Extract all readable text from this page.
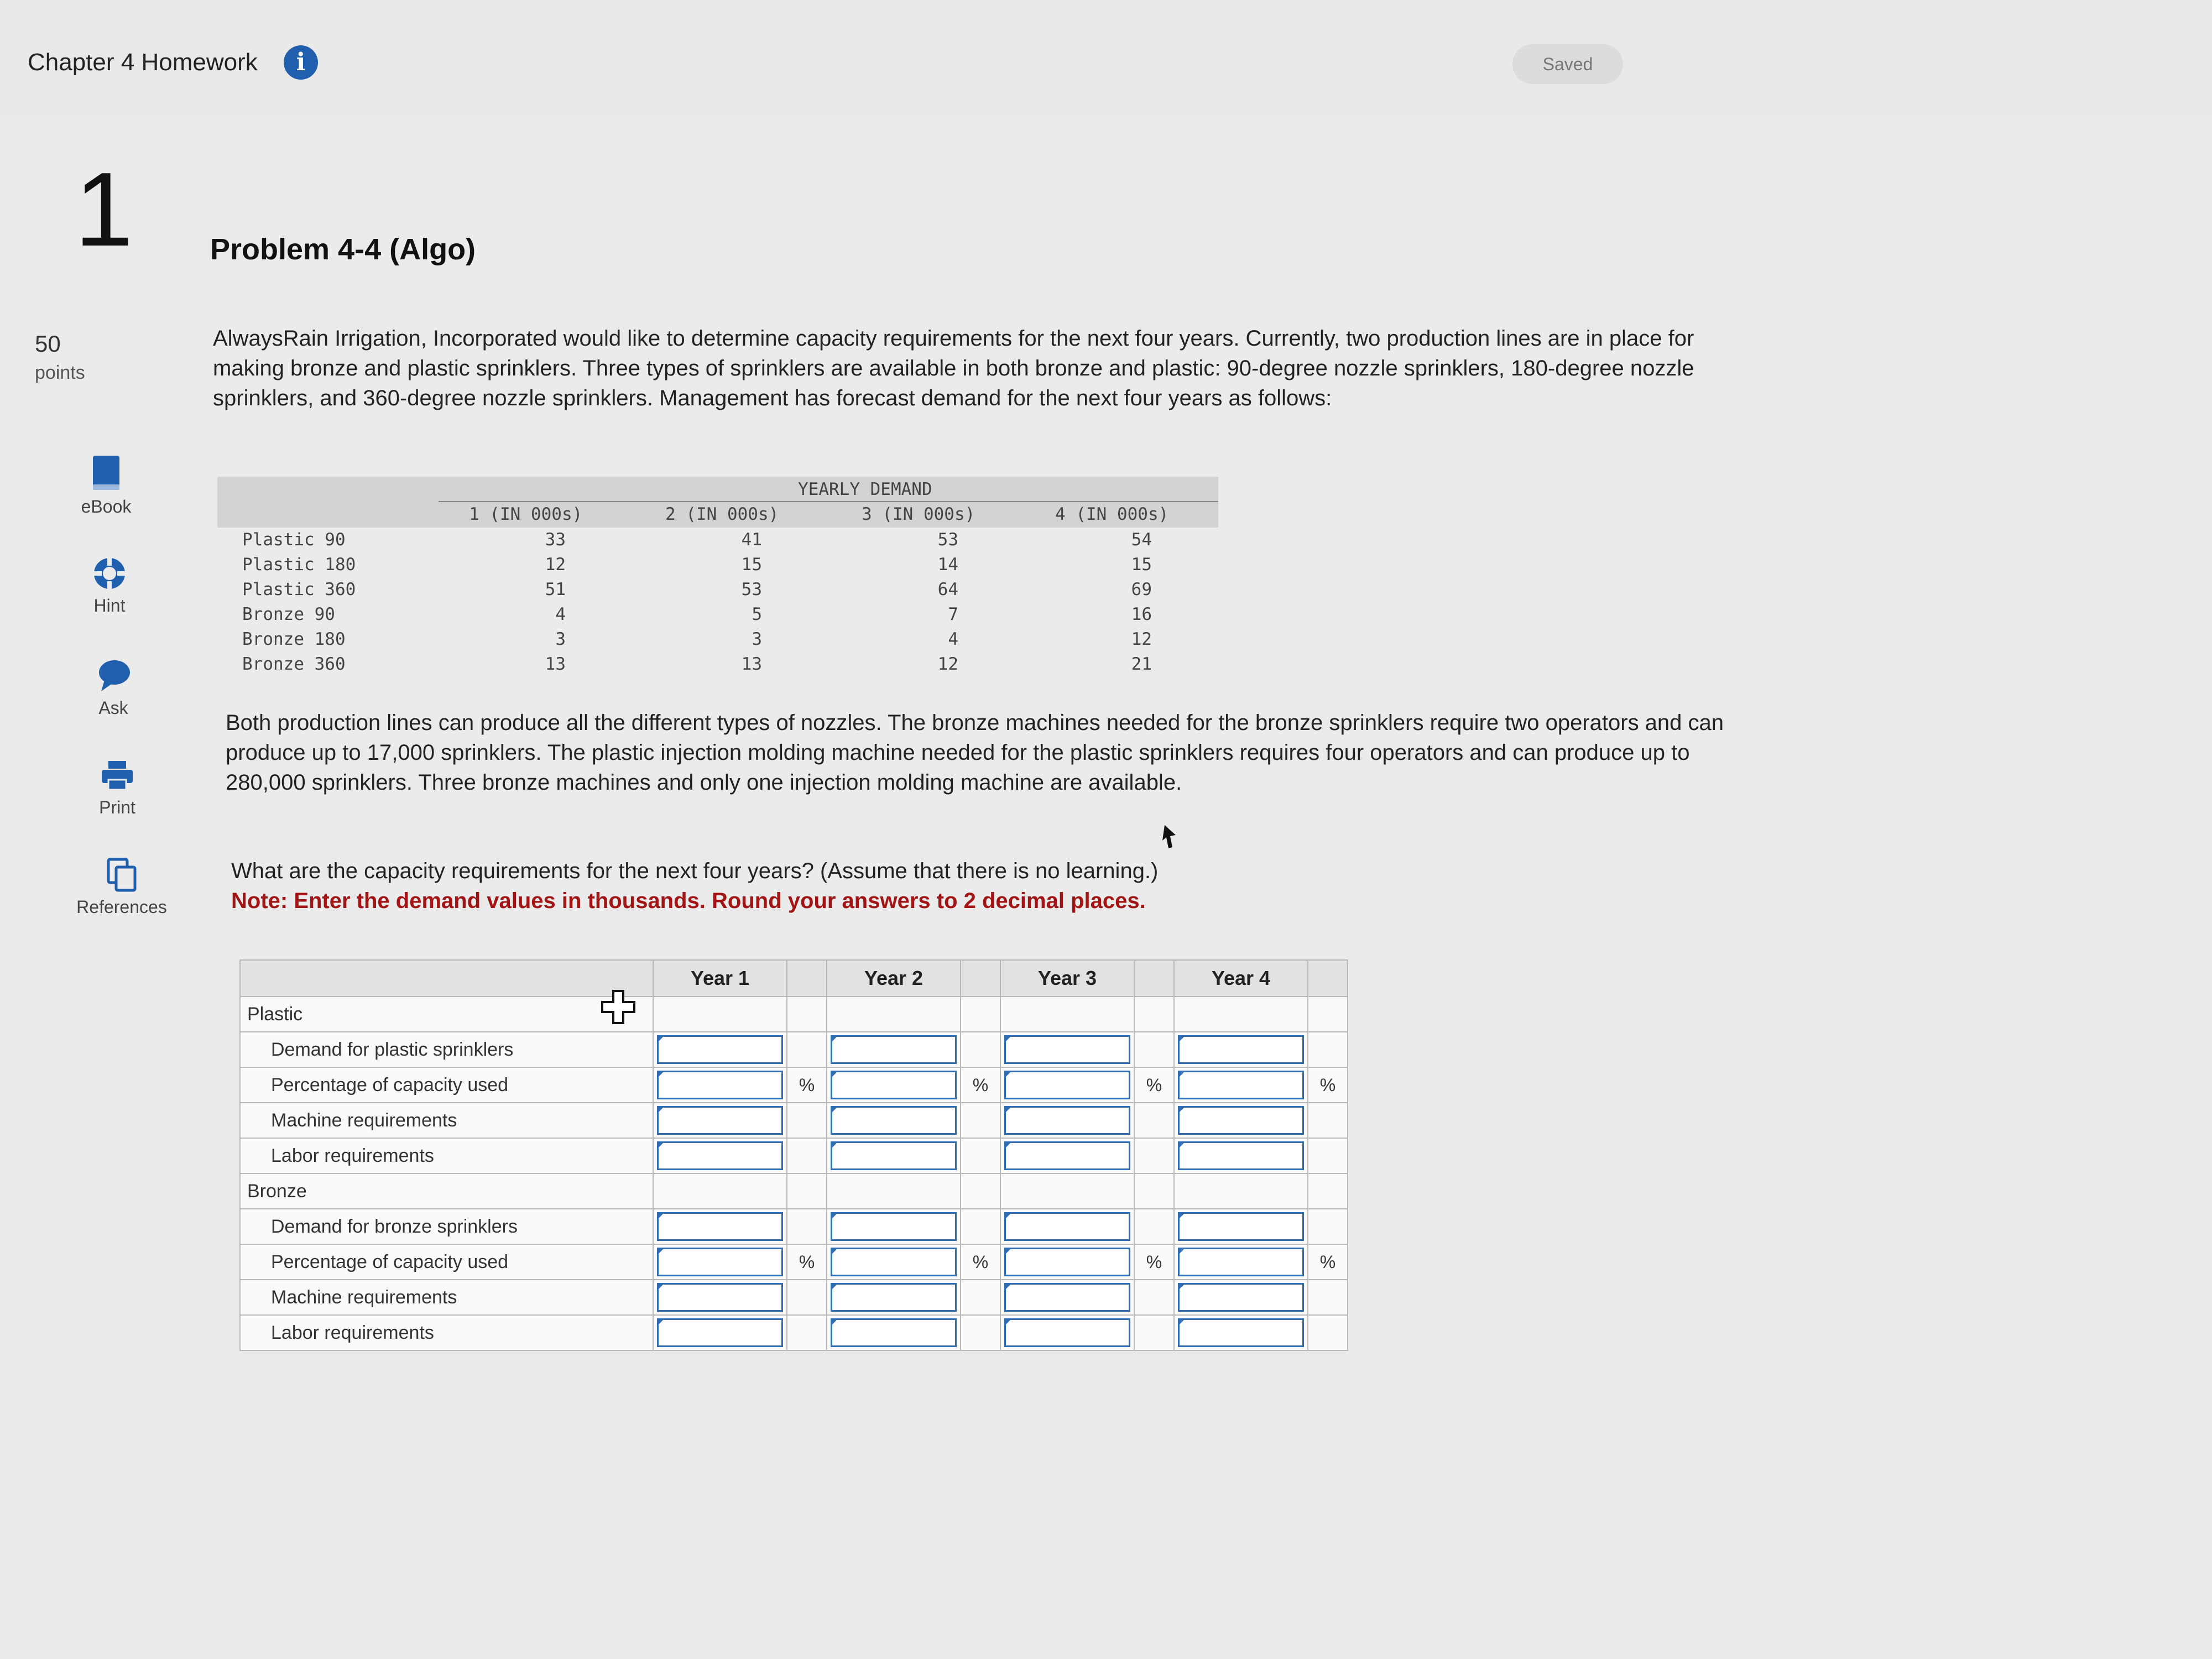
Chapter 4 Homework	i	Saved
1
50
points
eBook
Hint
Ask
Print
References
Problem 4-4 (Algo)

AlwaysRain Irrigation, Incorporated would like to determine capacity requirements for the next four years. Currently, two production lines are in place for making bronze and plastic sprinklers. Three types of sprinklers are available in both bronze and plastic: 90-degree nozzle sprinklers, 180-degree nozzle sprinklers, and 360-degree nozzle sprinklers. Management has forecast demand for the next four years as follows:

YEARLY DEMAND
1 (IN 000s)	2 (IN 000s)	3 (IN 000s)	4 (IN 000s)
Plastic 90	33	41	53	54
Plastic 180	12	15	14	15
Plastic 360	51	53	64	69
Bronze 90	4	5	7	16
Bronze 180	3	3	4	12
Bronze 360	13	13	12	21

Both production lines can produce all the different types of nozzles. The bronze machines needed for the bronze sprinklers require two operators and can produce up to 17,000 sprinklers. The plastic injection molding machine needed for the plastic sprinklers requires four operators and can produce up to 280,000 sprinklers. Three bronze machines and only one injection molding machine are available.

What are the capacity requirements for the next four years? (Assume that there is no learning.)

Note: Enter the demand values in thousands. Round your answers to 2 decimal places.

	Year 1		Year 2		Year 3		Year 4	
Plastic								
Demand for plastic sprinklers	

Percentage of capacity used		%		%		%		%
Machine requirements	

Labor requirements	

Bronze								
Demand for bronze sprinklers	

Percentage of capacity used		%		%		%		%
Machine requirements	

Labor requirements	
